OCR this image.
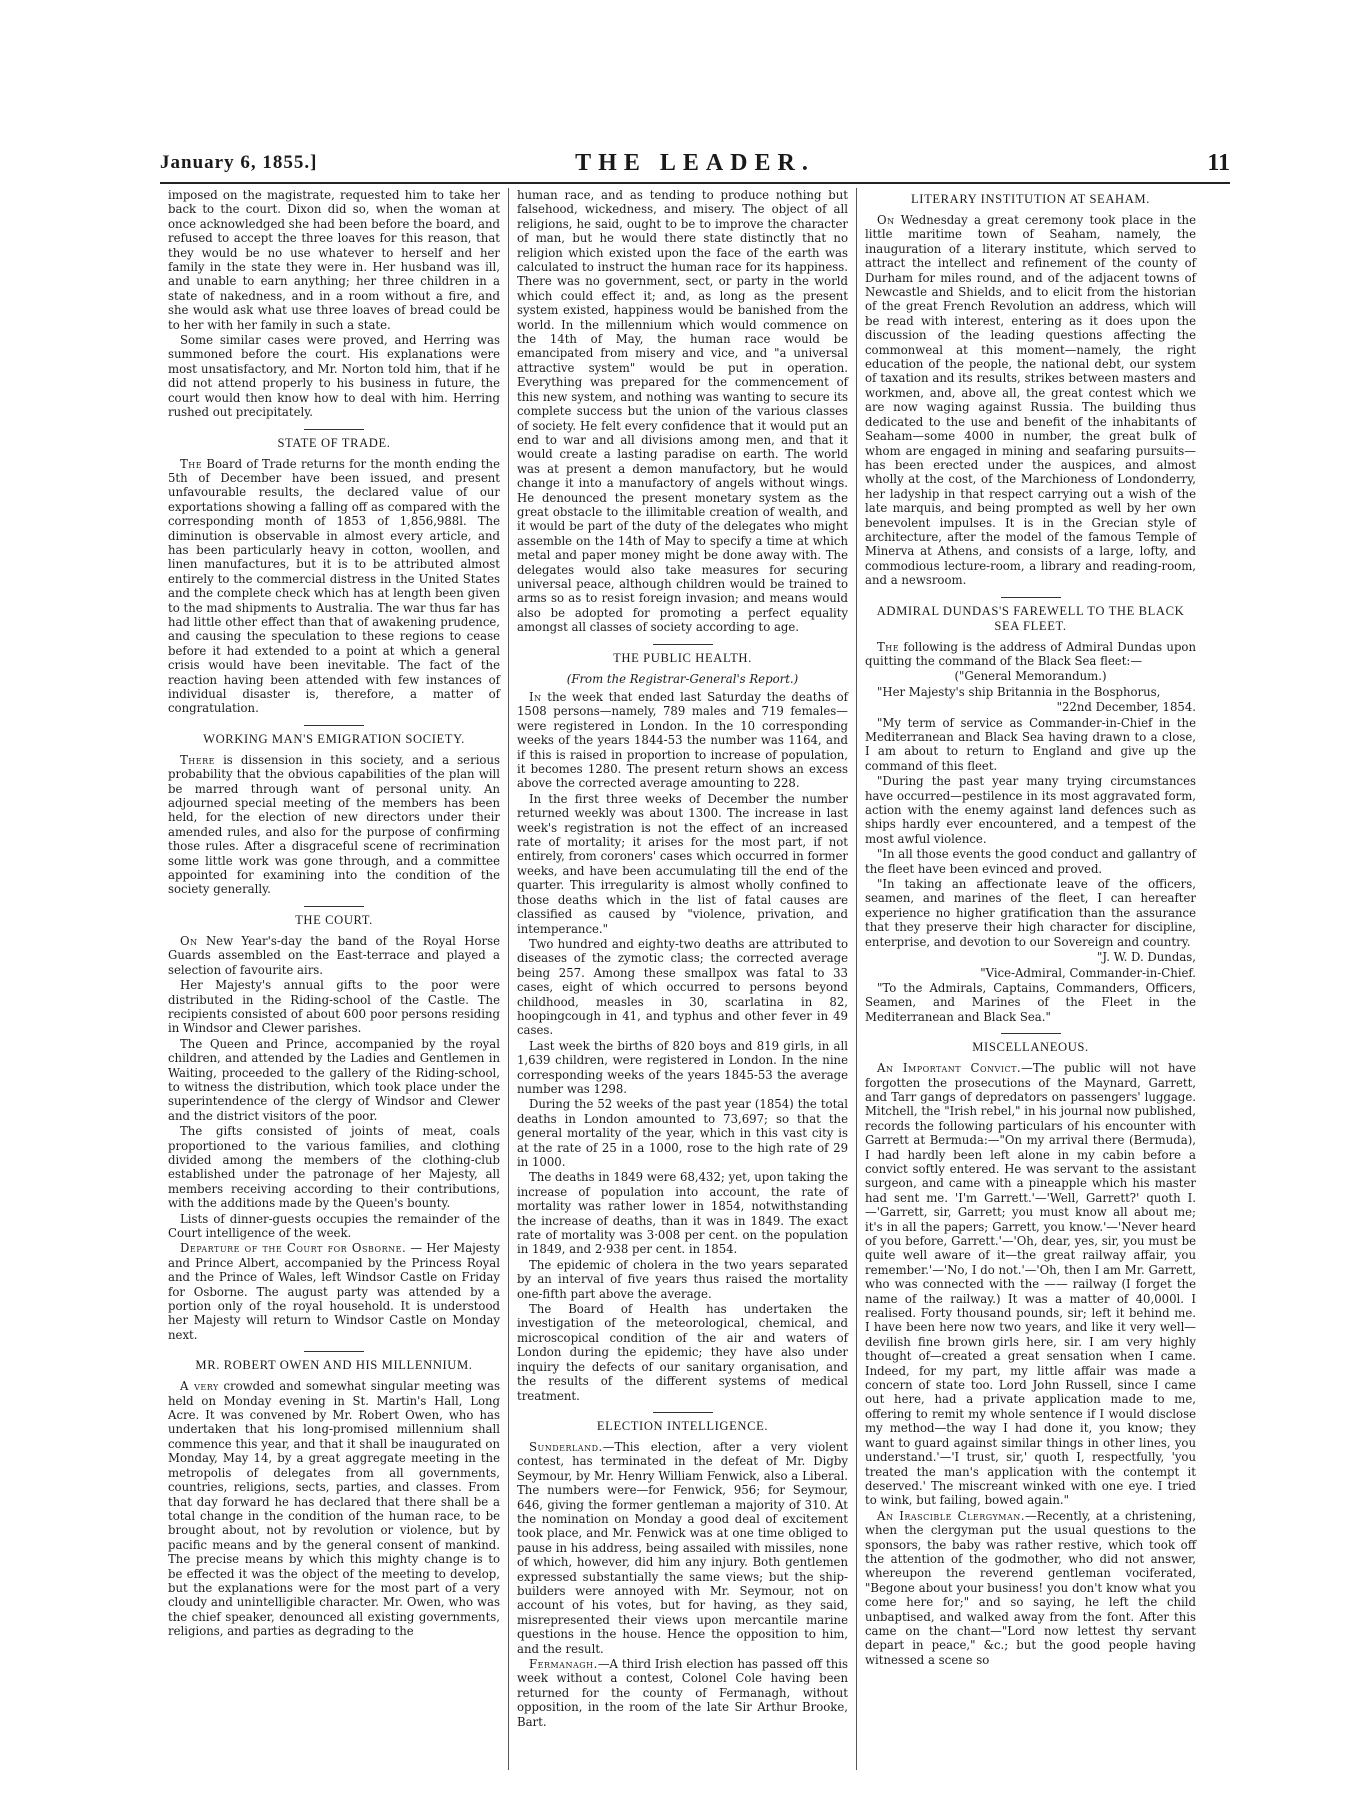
January 6, 1855.]	THE LEADER.	11

imposed on the magistrate, requested him to take her back to the court. Dixon did so, when the woman at once acknowledged she had been before the board, and refused to accept the three loaves for this reason, that they would be no use whatever to herself and her family in the state they were in. Her husband was ill, and unable to earn anything; her three children in a state of nakedness, and in a room without a fire, and she would ask what use three loaves of bread could be to her with her family in such a state.

Some similar cases were proved, and Herring was summoned before the court. His explanations were most unsatisfactory, and Mr. Norton told him, that if he did not attend properly to his business in future, the court would then know how to deal with him. Herring rushed out precipitately.

STATE OF TRADE.

The Board of Trade returns for the month ending the 5th of December have been issued, and present unfavourable results, the declared value of our exportations showing a falling off as compared with the corresponding month of 1853 of 1,856,988l. The diminution is observable in almost every article, and has been particularly heavy in cotton, woollen, and linen manufactures, but it is to be attributed almost entirely to the commercial distress in the United States and the complete check which has at length been given to the mad shipments to Australia. The war thus far has had little other effect than that of awakening prudence, and causing the speculation to these regions to cease before it had extended to a point at which a general crisis would have been inevitable. The fact of the reaction having been attended with few instances of individual disaster is, therefore, a matter of congratulation.

WORKING MAN'S EMIGRATION SOCIETY.

There is dissension in this society, and a serious probability that the obvious capabilities of the plan will be marred through want of personal unity. An adjourned special meeting of the members has been held, for the election of new directors under their amended rules, and also for the purpose of confirming those rules. After a disgraceful scene of recrimination some little work was gone through, and a committee appointed for examining into the condition of the society generally.

THE COURT.

On New Year's-day the band of the Royal Horse Guards assembled on the East-terrace and played a selection of favourite airs.

Her Majesty's annual gifts to the poor were distributed in the Riding-school of the Castle. The recipients consisted of about 600 poor persons residing in Windsor and Clewer parishes.

The Queen and Prince, accompanied by the royal children, and attended by the Ladies and Gentlemen in Waiting, proceeded to the gallery of the Riding-school, to witness the distribution, which took place under the superintendence of the clergy of Windsor and Clewer and the district visitors of the poor.

The gifts consisted of joints of meat, coals proportioned to the various families, and clothing divided among the members of the clothing-club established under the patronage of her Majesty, all members receiving according to their contributions, with the additions made by the Queen's bounty.

Lists of dinner-guests occupies the remainder of the Court intelligence of the week.

Departure of the Court for Osborne. — Her Majesty and Prince Albert, accompanied by the Princess Royal and the Prince of Wales, left Windsor Castle on Friday for Osborne. The august party was attended by a portion only of the royal household. It is understood her Majesty will return to Windsor Castle on Monday next.

MR. ROBERT OWEN AND HIS MILLENNIUM.

A very crowded and somewhat singular meeting was held on Monday evening in St. Martin's Hall, Long Acre. It was convened by Mr. Robert Owen, who has undertaken that his long-promised millennium shall commence this year, and that it shall be inaugurated on Monday, May 14, by a great aggregate meeting in the metropolis of delegates from all governments, countries, religions, sects, parties, and classes. From that day forward he has declared that there shall be a total change in the condition of the human race, to be brought about, not by revolution or violence, but by pacific means and by the general consent of mankind. The precise means by which this mighty change is to be effected it was the object of the meeting to develop, but the explanations were for the most part of a very cloudy and unintelligible character. Mr. Owen, who was the chief speaker, denounced all existing governments, religions, and parties as degrading to the

human race, and as tending to produce nothing but falsehood, wickedness, and misery. The object of all religions, he said, ought to be to improve the character of man, but he would there state distinctly that no religion which existed upon the face of the earth was calculated to instruct the human race for its happiness. There was no government, sect, or party in the world which could effect it; and, as long as the present system existed, happiness would be banished from the world. In the millennium which would commence on the 14th of May, the human race would be emancipated from misery and vice, and "a universal attractive system" would be put in operation. Everything was prepared for the commencement of this new system, and nothing was wanting to secure its complete success but the union of the various classes of society. He felt every confidence that it would put an end to war and all divisions among men, and that it would create a lasting paradise on earth. The world was at present a demon manufactory, but he would change it into a manufactory of angels without wings. He denounced the present monetary system as the great obstacle to the illimitable creation of wealth, and it would be part of the duty of the delegates who might assemble on the 14th of May to specify a time at which metal and paper money might be done away with. The delegates would also take measures for securing universal peace, although children would be trained to arms so as to resist foreign invasion; and means would also be adopted for promoting a perfect equality amongst all classes of society according to age.

THE PUBLIC HEALTH.
(From the Registrar-General's Report.)

In the week that ended last Saturday the deaths of 1508 persons—namely, 789 males and 719 females—were registered in London. In the 10 corresponding weeks of the years 1844-53 the number was 1164, and if this is raised in proportion to increase of population, it becomes 1280. The present return shows an excess above the corrected average amounting to 228.

In the first three weeks of December the number returned weekly was about 1300. The increase in last week's registration is not the effect of an increased rate of mortality; it arises for the most part, if not entirely, from coroners' cases which occurred in former weeks, and have been accumulating till the end of the quarter. This irregularity is almost wholly confined to those deaths which in the list of fatal causes are classified as caused by "violence, privation, and intemperance."

Two hundred and eighty-two deaths are attributed to diseases of the zymotic class; the corrected average being 257. Among these smallpox was fatal to 33 cases, eight of which occurred to persons beyond childhood, measles in 30, scarlatina in 82, hoopingcough in 41, and typhus and other fever in 49 cases.

Last week the births of 820 boys and 819 girls, in all 1,639 children, were registered in London. In the nine corresponding weeks of the years 1845-53 the average number was 1298.

During the 52 weeks of the past year (1854) the total deaths in London amounted to 73,697; so that the general mortality of the year, which in this vast city is at the rate of 25 in a 1000, rose to the high rate of 29 in 1000.

The deaths in 1849 were 68,432; yet, upon taking the increase of population into account, the rate of mortality was rather lower in 1854, notwithstanding the increase of deaths, than it was in 1849. The exact rate of mortality was 3·008 per cent. on the population in 1849, and 2·938 per cent. in 1854.

The epidemic of cholera in the two years separated by an interval of five years thus raised the mortality one-fifth part above the average.

The Board of Health has undertaken the investigation of the meteorological, chemical, and microscopical condition of the air and waters of London during the epidemic; they have also under inquiry the defects of our sanitary organisation, and the results of the different systems of medical treatment.

ELECTION INTELLIGENCE.

Sunderland.—This election, after a very violent contest, has terminated in the defeat of Mr. Digby Seymour, by Mr. Henry William Fenwick, also a Liberal. The numbers were—for Fenwick, 956; for Seymour, 646, giving the former gentleman a majority of 310. At the nomination on Monday a good deal of excitement took place, and Mr. Fenwick was at one time obliged to pause in his address, being assailed with missiles, none of which, however, did him any injury. Both gentlemen expressed substantially the same views; but the ship-builders were annoyed with Mr. Seymour, not on account of his votes, but for having, as they said, misrepresented their views upon mercantile marine questions in the house. Hence the opposition to him, and the result.

Fermanagh.—A third Irish election has passed off this week without a contest, Colonel Cole having been returned for the county of Fermanagh, without opposition, in the room of the late Sir Arthur Brooke, Bart.

LITERARY INSTITUTION AT SEAHAM.

On Wednesday a great ceremony took place in the little maritime town of Seaham, namely, the inauguration of a literary institute, which served to attract the intellect and refinement of the county of Durham for miles round, and of the adjacent towns of Newcastle and Shields, and to elicit from the historian of the great French Revolution an address, which will be read with interest, entering as it does upon the discussion of the leading questions affecting the commonweal at this moment—namely, the right education of the people, the national debt, our system of taxation and its results, strikes between masters and workmen, and, above all, the great contest which we are now waging against Russia. The building thus dedicated to the use and benefit of the inhabitants of Seaham—some 4000 in number, the great bulk of whom are engaged in mining and seafaring pursuits—has been erected under the auspices, and almost wholly at the cost, of the Marchioness of Londonderry, her ladyship in that respect carrying out a wish of the late marquis, and being prompted as well by her own benevolent impulses. It is in the Grecian style of architecture, after the model of the famous Temple of Minerva at Athens, and consists of a large, lofty, and commodious lecture-room, a library and reading-room, and a newsroom.

ADMIRAL DUNDAS'S FAREWELL TO THE BLACK SEA FLEET.

The following is the address of Admiral Dundas upon quitting the command of the Black Sea fleet:—

("General Memorandum.)

"Her Majesty's ship Britannia in the Bosphorus,

"22nd December, 1854.

"My term of service as Commander-in-Chief in the Mediterranean and Black Sea having drawn to a close, I am about to return to England and give up the command of this fleet.

"During the past year many trying circumstances have occurred—pestilence in its most aggravated form, action with the enemy against land defences such as ships hardly ever encountered, and a tempest of the most awful violence.

"In all those events the good conduct and gallantry of the fleet have been evinced and proved.

"In taking an affectionate leave of the officers, seamen, and marines of the fleet, I can hereafter experience no higher gratification than the assurance that they preserve their high character for discipline, enterprise, and devotion to our Sovereign and country.

"J. W. D. Dundas,

"Vice-Admiral, Commander-in-Chief.

"To the Admirals, Captains, Commanders, Officers, Seamen, and Marines of the Fleet in the Mediterranean and Black Sea."

MISCELLANEOUS.

An Important Convict.—The public will not have forgotten the prosecutions of the Maynard, Garrett, and Tarr gangs of depredators on passengers' luggage. Mitchell, the "Irish rebel," in his journal now published, records the following particulars of his encounter with Garrett at Bermuda:—"On my arrival there (Bermuda), I had hardly been left alone in my cabin before a convict softly entered. He was servant to the assistant surgeon, and came with a pineapple which his master had sent me. 'I'm Garrett.'—'Well, Garrett?' quoth I.—'Garrett, sir, Garrett; you must know all about me; it's in all the papers; Garrett, you know.'—'Never heard of you before, Garrett.'—'Oh, dear, yes, sir, you must be quite well aware of it—the great railway affair, you remember.'—'No, I do not.'—'Oh, then I am Mr. Garrett, who was connected with the —— railway (I forget the name of the railway.) It was a matter of 40,000l. I realised. Forty thousand pounds, sir; left it behind me. I have been here now two years, and like it very well—devilish fine brown girls here, sir. I am very highly thought of—created a great sensation when I came. Indeed, for my part, my little affair was made a concern of state too. Lord John Russell, since I came out here, had a private application made to me, offering to remit my whole sentence if I would disclose my method—the way I had done it, you know; they want to guard against similar things in other lines, you understand.'—'I trust, sir,' quoth I, respectfully, 'you treated the man's application with the contempt it deserved.' The miscreant winked with one eye. I tried to wink, but failing, bowed again."

An Irascible Clergyman.—Recently, at a christening, when the clergyman put the usual questions to the sponsors, the baby was rather restive, which took off the attention of the godmother, who did not answer, whereupon the reverend gentleman vociferated, "Begone about your business! you don't know what you come here for;" and so saying, he left the child unbaptised, and walked away from the font. After this came on the chant—"Lord now lettest thy servant depart in peace," &c.; but the good people having witnessed a scene so
